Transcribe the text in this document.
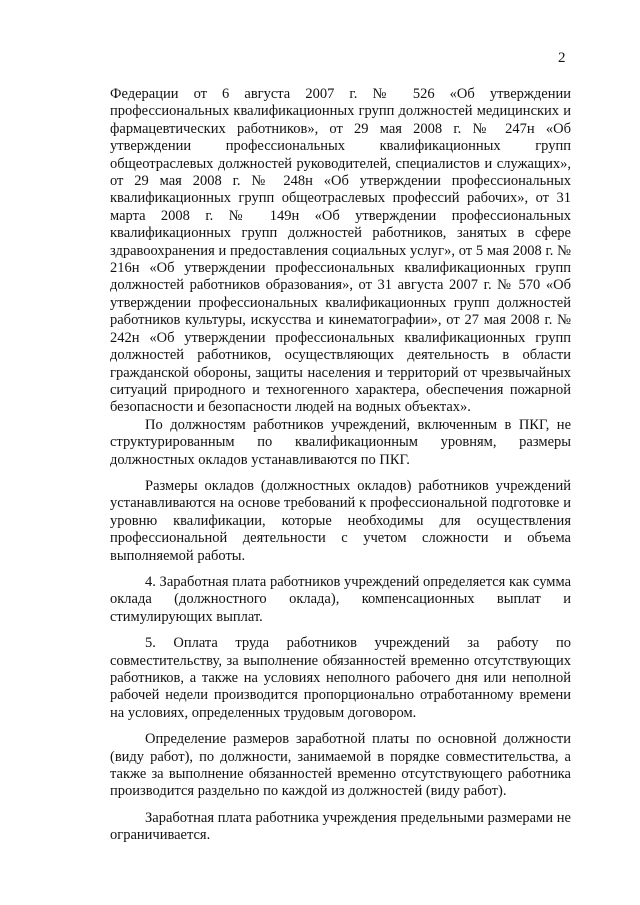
2

Федерации от 6 августа 2007 г. № 526 «Об утверждении профессиональных квалификационных групп должностей медицинских и фармацевтических работников», от 29 мая 2008 г. № 247н «Об утверждении профессиональных квалификационных групп общеотраслевых должностей руководителей, специалистов и служащих», от 29 мая 2008 г. № 248н «Об утверждении профессиональных квалификационных групп общеотраслевых профессий рабочих», от 31 марта 2008 г. № 149н «Об утверждении профессиональных квалификационных групп должностей работников, занятых в сфере здравоохранения и предоставления социальных услуг», от 5 мая 2008 г. № 216н «Об утверждении профессиональных квалификационных групп должностей работников образования», от 31 августа 2007 г. № 570 «Об утверждении профессиональных квалификационных групп должностей работников культуры, искусства и кинематографии», от 27 мая 2008 г. № 242н «Об утверждении профессиональных квалификационных групп должностей работников, осуществляющих деятельность в области гражданской обороны, защиты населения и территорий от чрезвычайных ситуаций природного и техногенного характера, обеспечения пожарной безопасности и безопасности людей на водных объектах».

По должностям работников учреждений, включенным в ПКГ, не структурированным по квалификационным уровням, размеры должностных окладов устанавливаются по ПКГ.

Размеры окладов (должностных окладов) работников учреждений устанавливаются на основе требований к профессиональной подготовке и уровню квалификации, которые необходимы для осуществления профессиональной деятельности с учетом сложности и объема выполняемой работы.

4. Заработная плата работников учреждений определяется как сумма оклада (должностного оклада), компенсационных выплат и стимулирующих выплат.

5. Оплата труда работников учреждений за работу по совместительству, за выполнение обязанностей временно отсутствующих работников, а также на условиях неполного рабочего дня или неполной рабочей недели производится пропорционально отработанному времени на условиях, определенных трудовым договором.

Определение размеров заработной платы по основной должности (виду работ), по должности, занимаемой в порядке совместительства, а также за выполнение обязанностей временно отсутствующего работника производится раздельно по каждой из должностей (виду работ).

Заработная плата работника учреждения предельными размерами не ограничивается.
